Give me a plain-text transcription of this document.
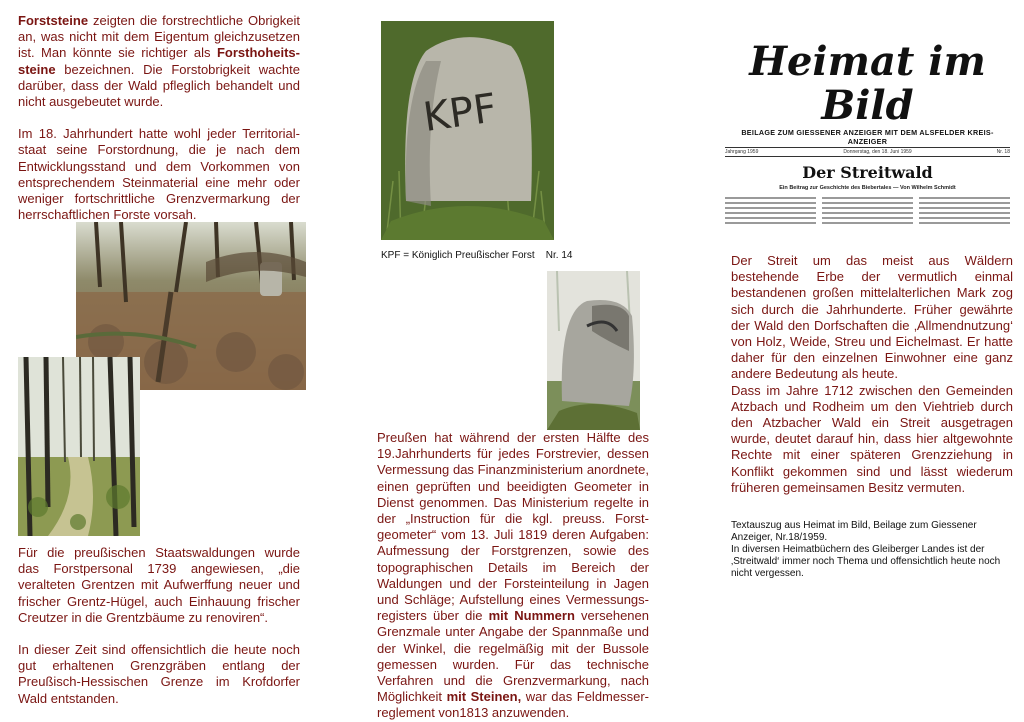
Forststeine zeigten die forstrechtliche Obrigkeit an, was nicht mit dem Eigentum gleichzusetzen ist. Man könnte sie richtiger als Forsthoheits-steine bezeichnen. Die Forstobrigkeit wachte darüber, dass der Wald pfleglich behandelt und nicht ausgebeutet wurde.

Im 18. Jahrhundert hatte wohl jeder Territorial-staat seine Forstordnung, die je nach dem Entwicklungsstand und dem Vorkommen von entsprechendem Steinmaterial eine mehr oder weniger fortschrittliche Grenzvermarkung der herrschaftlichen Forste vorsah.

Für die preußischen Staatswaldungen wurde das Forstpersonal 1739 angewiesen, „die veralteten Grentzen mit Aufwerffung neuer und frischer Grentz-Hügel, auch Einhauung frischer Creutzer in die Grentzbäume zu renoviren“.

In dieser Zeit sind offensichtlich die heute noch gut erhaltenen Grenzgräben entlang der Preußisch-Hessischen Grenze im Krofdorfer Wald entstanden.

KPF
KPF = Königlich Preußischer Forst    Nr. 14

Preußen hat während der ersten Hälfte des 19.Jahrhunderts für jedes Forstrevier, dessen Vermessung das Finanzministerium anordnete, einen geprüften und beeidigten Geometer in Dienst genommen. Das Ministerium regelte in der „Instruction für die kgl. preuss. Forst-geometer“ vom 13. Juli 1819 deren Aufgaben: Aufmessung der Forstgrenzen, sowie des topographischen Details im Bereich der Waldungen und der Forsteinteilung in Jagen und Schläge; Aufstellung eines Vermessungs-registers über die mit Nummern versehenen Grenzmale unter Angabe der Spannmaße und der Winkel, die regelmäßig mit der Bussole gemessen wurden. Für das technische Verfahren und die Grenzvermarkung, nach Möglichkeit mit Steinen, war das Feldmesser-reglement von1813 anzuwenden.

Heimat im Bild
BEILAGE ZUM GIESSENER ANZEIGER MIT DEM ALSFELDER KREIS-ANZEIGER
Jahrgang 1959	Donnerstag, den 18. Juni 1959	Nr. 18
Der Streitwald
Ein Beitrag zur Geschichte des Biebertales — Von Wilhelm Schmidt

Der Streit um das meist aus Wäldern bestehende Erbe der vermutlich einmal bestandenen großen mittelalterlichen Mark zog sich durch die Jahrhunderte. Früher gewährte der Wald den Dorfschaften die ‚Allmendnutzung‘ von Holz, Weide, Streu und Eichelmast. Er hatte daher für den einzelnen Einwohner eine ganz andere Bedeutung als heute.

Dass im Jahre 1712 zwischen den Gemeinden Atzbach und Rodheim um den Viehtrieb durch den Atzbacher Wald ein Streit ausgetragen wurde, deutet darauf hin, dass hier altgewohnte Rechte mit einer späteren Grenzziehung in Konflikt gekommen sind und lässt wiederum früheren gemeinsamen Besitz vermuten.

Textauszug aus Heimat im Bild, Beilage zum Giessener Anzeiger, Nr.18/1959.
In diversen Heimatbüchern des Gleiberger Landes ist der ‚Streitwald‘ immer noch Thema und offensichtlich heute noch nicht vergessen.
